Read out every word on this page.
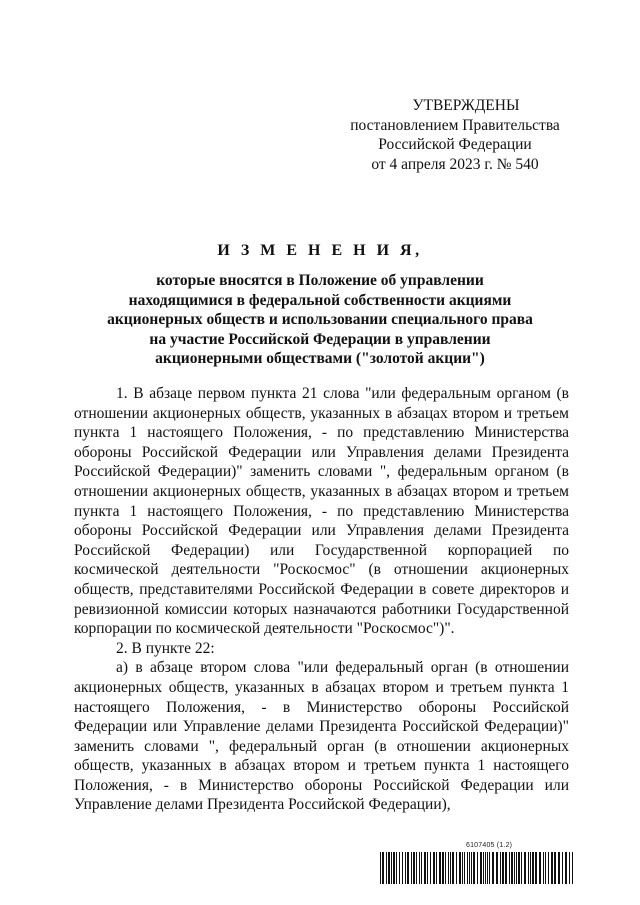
УТВЕРЖДЕНЫ
постановлением Правительства
Российской Федерации
от 4 апреля 2023 г. № 540
И З М Е Н Е Н И Я,
которые вносятся в Положение об управлении
находящимися в федеральной собственности акциями
акционерных обществ и использовании специального права
на участие Российской Федерации в управлении
акционерными обществами ("золотой акции")

1. В абзаце первом пункта 21 слова "или федеральным органом (в отношении акционерных обществ, указанных в абзацах втором и третьем пункта 1 настоящего Положения, - по представлению Министерства обороны Российской Федерации или Управления делами Президента Российской Федерации)" заменить словами ", федеральным органом (в отношении акционерных обществ, указанных в абзацах втором и третьем пункта 1 настоящего Положения, - по представлению Министерства обороны Российской Федерации или Управления делами Президента Российской Федерации) или Государственной корпорацией по космической деятельности "Роскосмос" (в отношении акционерных обществ, представителями Российской Федерации в совете директоров и ревизионной комиссии которых назначаются работники Государственной корпорации по космической деятельности "Роскосмос")".

2. В пункте 22:

а) в абзаце втором слова "или федеральный орган (в отношении акционерных обществ, указанных в абзацах втором и третьем пункта 1 настоящего Положения, - в Министерство обороны Российской Федерации или Управление делами Президента Российской Федерации)" заменить словами ", федеральный орган (в отношении акционерных обществ, указанных в абзацах втором и третьем пункта 1 настоящего Положения, - в Министерство обороны Российской Федерации или Управление делами Президента Российской Федерации),

6107405 (1.2)
